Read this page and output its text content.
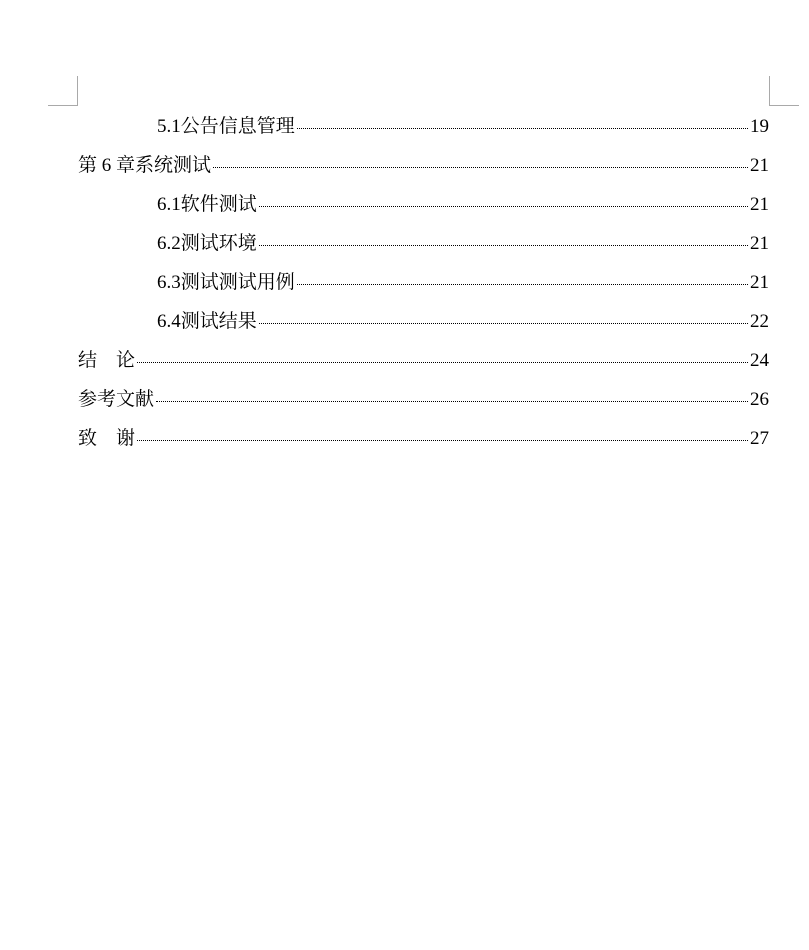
5.1 公告信息管理	19
第 6 章 系统测试	21
6.1 软件测试	21
6.2 测试环境	21
6.3 测试测试用例	21
6.4 测试结果	22
结　论	24
参考文献	26
致　谢	27
